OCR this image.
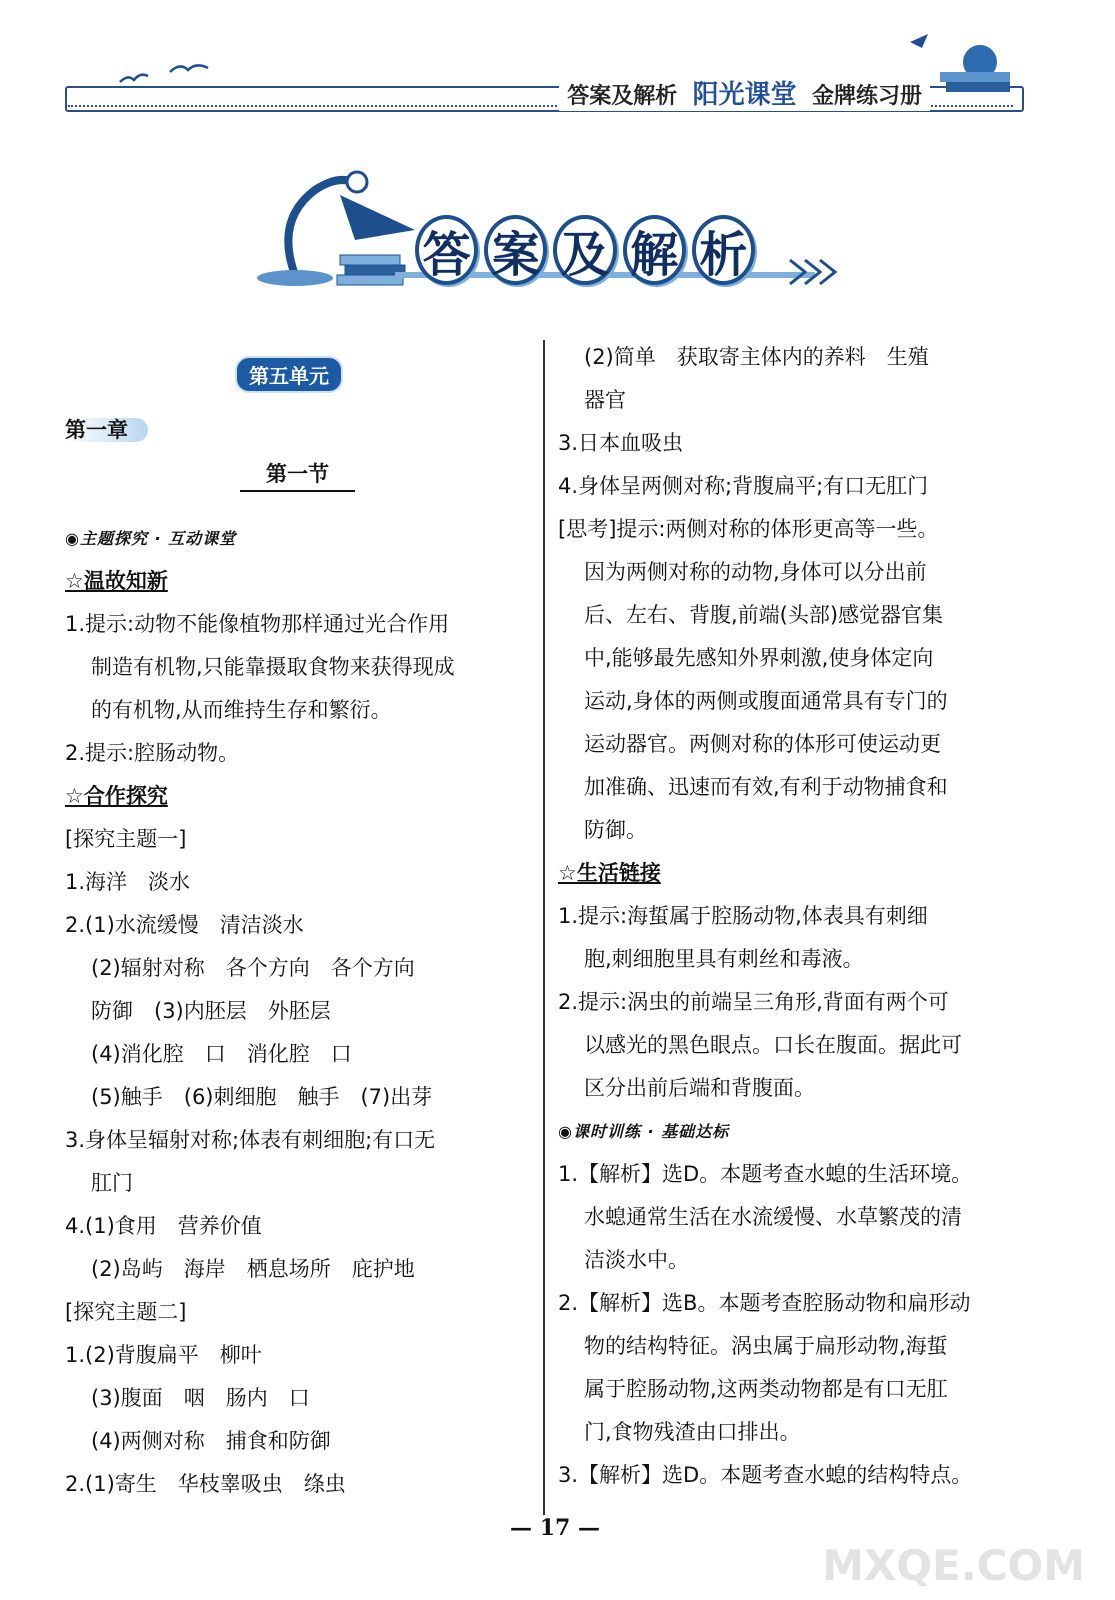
答案及解析 阳光课堂 金牌练习册
答 案 及 解 析
第五单元
第一章
第一节
◉主题探究 · 互动课堂
☆温故知新
1.提示:动物不能像植物那样通过光合作用
制造有机物,只能靠摄取食物来获得现成
的有机物,从而维持生存和繁衍。
2.提示:腔肠动物。
☆合作探究
[探究主题一]
1.海洋　淡水
2.(1)水流缓慢　清洁淡水
(2)辐射对称　各个方向　各个方向
防御　(3)内胚层　外胚层
(4)消化腔　口　消化腔　口
(5)触手　(6)刺细胞　触手　(7)出芽
3.身体呈辐射对称;体表有刺细胞;有口无
肛门
4.(1)食用　营养价值
(2)岛屿　海岸　栖息场所　庇护地
[探究主题二]
1.(2)背腹扁平　柳叶
(3)腹面　咽　肠内　口
(4)两侧对称　捕食和防御
2.(1)寄生　华枝睾吸虫　绦虫
(2)简单　获取寄主体内的养料　生殖
器官
3.日本血吸虫
4.身体呈两侧对称;背腹扁平;有口无肛门
[思考]提示:两侧对称的体形更高等一些。
因为两侧对称的动物,身体可以分出前
后、左右、背腹,前端(头部)感觉器官集
中,能够最先感知外界刺激,使身体定向
运动,身体的两侧或腹面通常具有专门的
运动器官。两侧对称的体形可使运动更
加准确、迅速而有效,有利于动物捕食和
防御。
☆生活链接
1.提示:海蜇属于腔肠动物,体表具有刺细
胞,刺细胞里具有刺丝和毒液。
2.提示:涡虫的前端呈三角形,背面有两个可
以感光的黑色眼点。口长在腹面。据此可
区分出前后端和背腹面。
◉课时训练 · 基础达标
1.【解析】选D。本题考查水螅的生活环境。
水螅通常生活在水流缓慢、水草繁茂的清
洁淡水中。
2.【解析】选B。本题考查腔肠动物和扁形动
物的结构特征。涡虫属于扁形动物,海蜇
属于腔肠动物,这两类动物都是有口无肛
门,食物残渣由口排出。
3.【解析】选D。本题考查水螅的结构特点。
— 17 —
MXQE.COM
